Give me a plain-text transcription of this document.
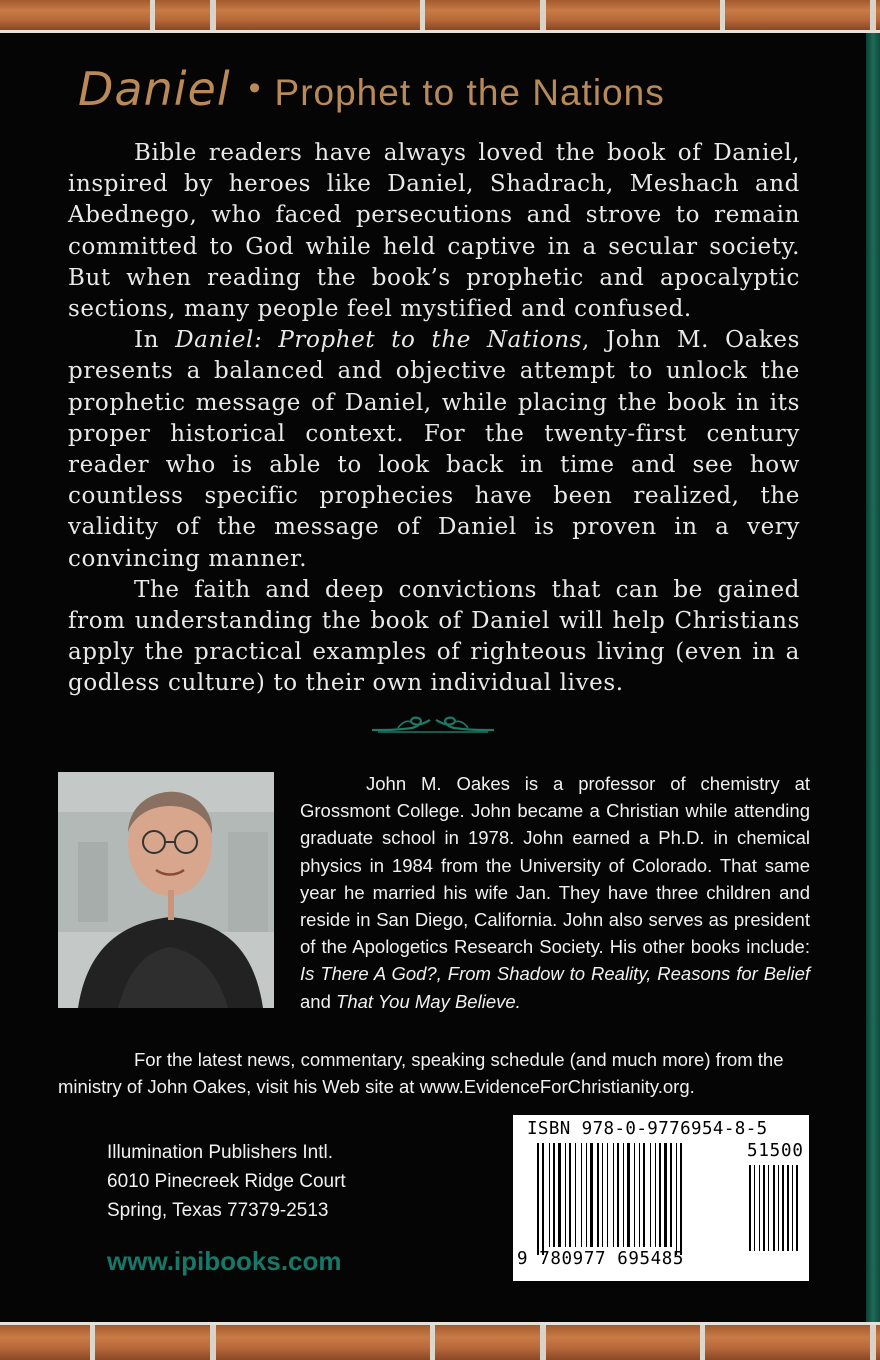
Daniel • Prophet to the Nations

Bible readers have always loved the book of Daniel, inspired by heroes like Daniel, Shadrach, Meshach and Abednego, who faced persecutions and strove to remain committed to God while held captive in a secular society. But when reading the book’s prophetic and apocalyptic sections, many people feel mystified and confused.

In Daniel: Prophet to the Nations, John M. Oakes presents a balanced and objective attempt to unlock the prophetic message of Daniel, while placing the book in its proper historical context. For the twenty-first century reader who is able to look back in time and see how countless specific prophecies have been realized, the validity of the message of Daniel is proven in a very convincing manner.

The faith and deep convictions that can be gained from understanding the book of Daniel will help Christians apply the practical examples of righteous living (even in a godless culture) to their own individual lives.

John M. Oakes is a professor of chemistry at Grossmont College. John became a Christian while attending graduate school in 1978. John earned a Ph.D. in chemical physics in 1984 from the University of Colorado. That same year he married his wife Jan. They have three children and reside in San Diego, California. John also serves as president of the Apologetics Research Society. His other books include: Is There A God?, From Shadow to Reality, Reasons for Belief and That You May Believe.
For the latest news, commentary, speaking schedule (and much more) from the ministry of John Oakes, visit his Web site at www.EvidenceForChristianity.org.
Illumination Publishers Intl.
6010 Pinecreek Ridge Court
Spring, Texas 77379-2513
www.ipibooks.com
ISBN 978-0-9776954-8-5
51500
9 780977 695485
